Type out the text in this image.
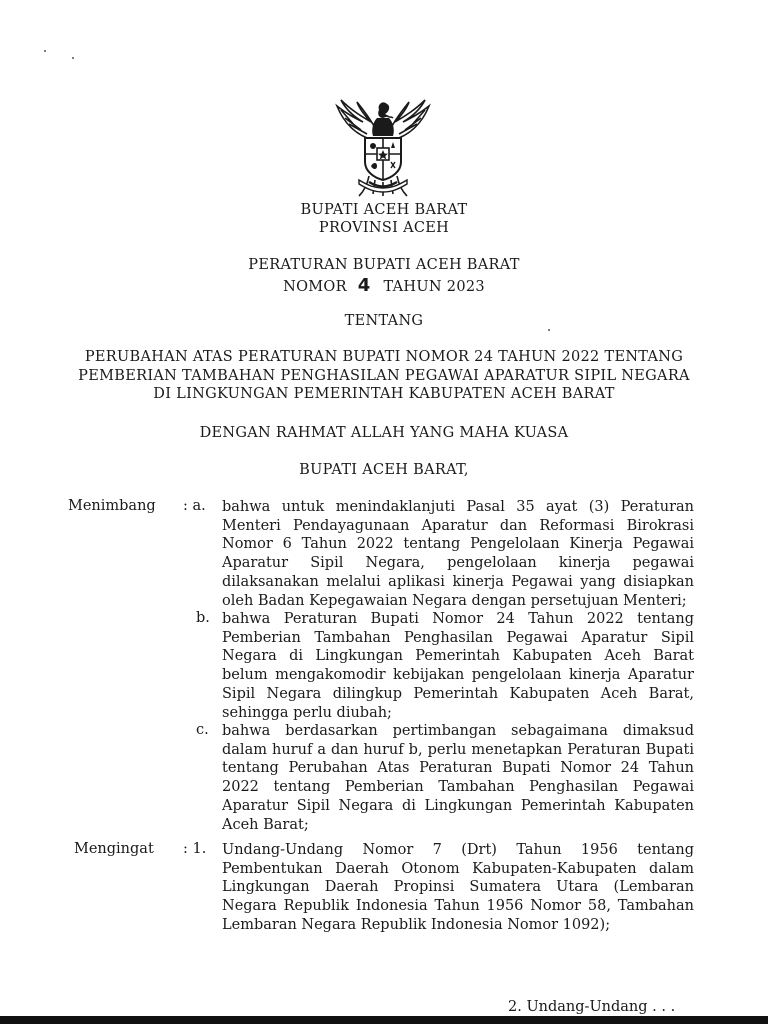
BUPATI ACEH BARAT
PROVINSI ACEH
PERATURAN BUPATI ACEH BARAT
NOMOR 4 TAHUN 2023
TENTANG
PERUBAHAN ATAS PERATURAN BUPATI NOMOR 24 TAHUN 2022 TENTANG
PEMBERIAN TAMBAHAN PENGHASILAN PEGAWAI APARATUR SIPIL NEGARA
DI LINGKUNGAN PEMERINTAH KABUPATEN ACEH BARAT
DENGAN RAHMAT ALLAH YANG MAHA KUASA
BUPATI ACEH BARAT,
Menimbang : a. bahwa untuk menindaklanjuti Pasal 35 ayat (3) Peraturan Menteri Pendayagunaan Aparatur dan Reformasi Birokrasi Nomor 6 Tahun 2022 tentang Pengelolaan Kinerja Pegawai Aparatur Sipil Negara, pengelolaan kinerja pegawai dilaksanakan melalui aplikasi kinerja Pegawai yang disiapkan oleh Badan Kepegawaian Negara dengan persetujuan Menteri;
b. bahwa Peraturan Bupati Nomor 24 Tahun 2022 tentang Pemberian Tambahan Penghasilan Pegawai Aparatur Sipil Negara di Lingkungan Pemerintah Kabupaten Aceh Barat belum mengakomodir kebijakan pengelolaan kinerja Aparatur Sipil Negara dilingkup Pemerintah Kabupaten Aceh Barat, sehingga perlu diubah;
c. bahwa berdasarkan pertimbangan sebagaimana dimaksud dalam huruf a dan huruf b, perlu menetapkan Peraturan Bupati tentang Perubahan Atas Peraturan Bupati Nomor 24 Tahun 2022 tentang Pemberian Tambahan Penghasilan Pegawai Aparatur Sipil Negara di Lingkungan Pemerintah Kabupaten Aceh Barat;
Mengingat : 1. Undang-Undang Nomor 7 (Drt) Tahun 1956 tentang Pembentukan Daerah Otonom Kabupaten-Kabupaten dalam Lingkungan Daerah Propinsi Sumatera Utara (Lembaran Negara Republik Indonesia Tahun 1956 Nomor 58, Tambahan Lembaran Negara Republik Indonesia Nomor 1092);
2. Undang-Undang . . .
